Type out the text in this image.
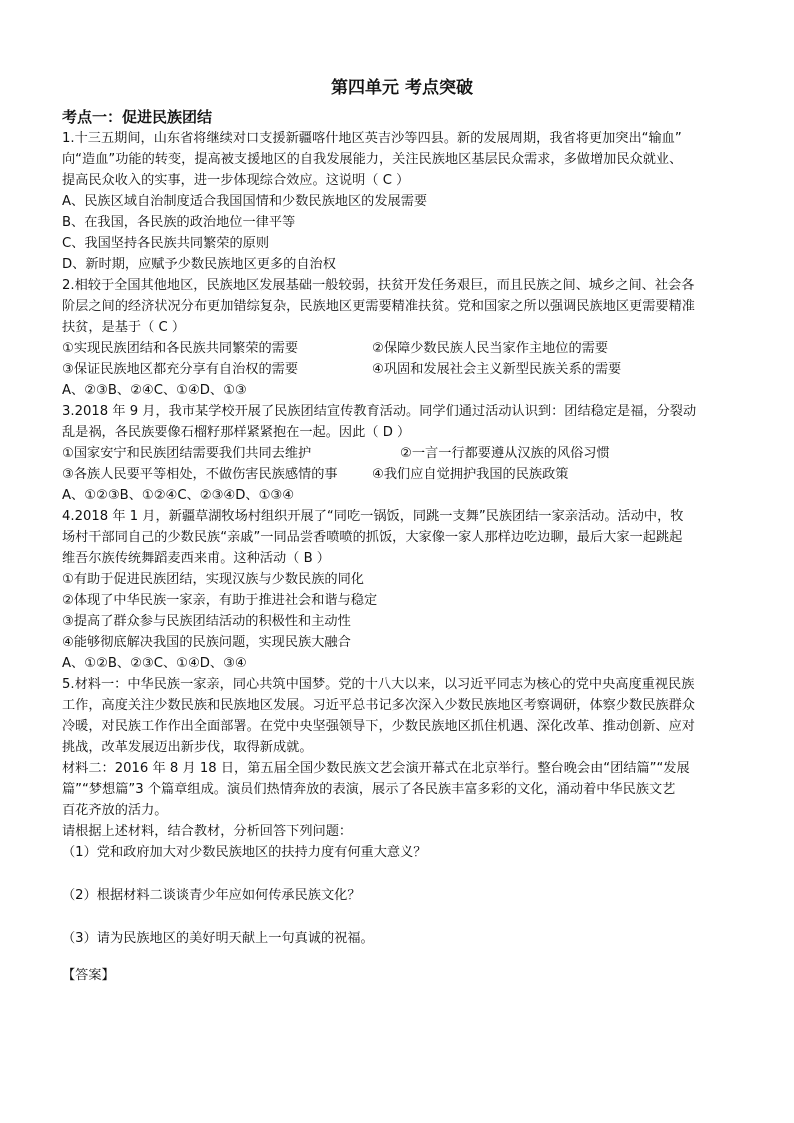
第四单元 考点突破
考点一：促进民族团结
1.十三五期间，山东省将继续对口支援新疆喀什地区英吉沙等四县。新的发展周期，我省将更加突出“输血”
向“造血”功能的转变，提高被支援地区的自我发展能力，关注民族地区基层民众需求，多做增加民众就业、
提高民众收入的实事，进一步体现综合效应。这说明（ C ）
A、民族区域自治制度适合我国国情和少数民族地区的发展需要
B、在我国，各民族的政治地位一律平等
C、我国坚持各民族共同繁荣的原则
D、新时期，应赋予少数民族地区更多的自治权
2.相较于全国其他地区，民族地区发展基础一般较弱，扶贫开发任务艰巨，而且民族之间、城乡之间、社会各
阶层之间的经济状况分布更加错综复杂，民族地区更需要精准扶贫。党和国家之所以强调民族地区更需要精准
扶贫，是基于（ C ）
①实现民族团结和各民族共同繁荣的需要	②保障少数民族人民当家作主地位的需要
③保证民族地区都充分享有自治权的需要	④巩固和发展社会主义新型民族关系的需要
A、②③B、②④C、①④D、①③
3.2018 年 9 月，我市某学校开展了民族团结宣传教育活动。同学们通过活动认识到：团结稳定是福，分裂动
乱是祸，各民族要像石榴籽那样紧紧抱在一起。因此（ D ）
①国家安宁和民族团结需要我们共同去维护	②一言一行都要遵从汉族的风俗习惯
③各族人民要平等相处，不做伤害民族感情的事	④我们应自觉拥护我国的民族政策
A、①②③B、①②④C、②③④D、①③④
4.2018 年 1 月，新疆草湖牧场村组织开展了“同吃一锅饭，同跳一支舞”民族团结一家亲活动。活动中，牧
场村干部同自己的少数民族“亲戚”一同品尝香喷喷的抓饭，大家像一家人那样边吃边聊，最后大家一起跳起
维吾尔族传统舞蹈麦西来甫。这种活动（ B ）
①有助于促进民族团结，实现汉族与少数民族的同化
②体现了中华民族一家亲，有助于推进社会和谐与稳定
③提高了群众参与民族团结活动的积极性和主动性
④能够彻底解决我国的民族问题，实现民族大融合
A、①②B、②③C、①④D、③④
5.材料一：中华民族一家亲，同心共筑中国梦。党的十八大以来，以习近平同志为核心的党中央高度重视民族
工作，高度关注少数民族和民族地区发展。习近平总书记多次深入少数民族地区考察调研，体察少数民族群众
冷暖，对民族工作作出全面部署。在党中央坚强领导下，少数民族地区抓住机遇、深化改革、推动创新、应对
挑战，改革发展迈出新步伐，取得新成就。
材料二：2016 年 8 月 18 日，第五届全国少数民族文艺会演开幕式在北京举行。整台晚会由“团结篇”“发展
篇”“梦想篇”3 个篇章组成。演员们热情奔放的表演，展示了各民族丰富多彩的文化，涌动着中华民族文艺
百花齐放的活力。
请根据上述材料，结合教材，分析回答下列问题：
（1）党和政府加大对少数民族地区的扶持力度有何重大意义？
（2）根据材料二谈谈青少年应如何传承民族文化？
（3）请为民族地区的美好明天献上一句真诚的祝福。
【答案】
